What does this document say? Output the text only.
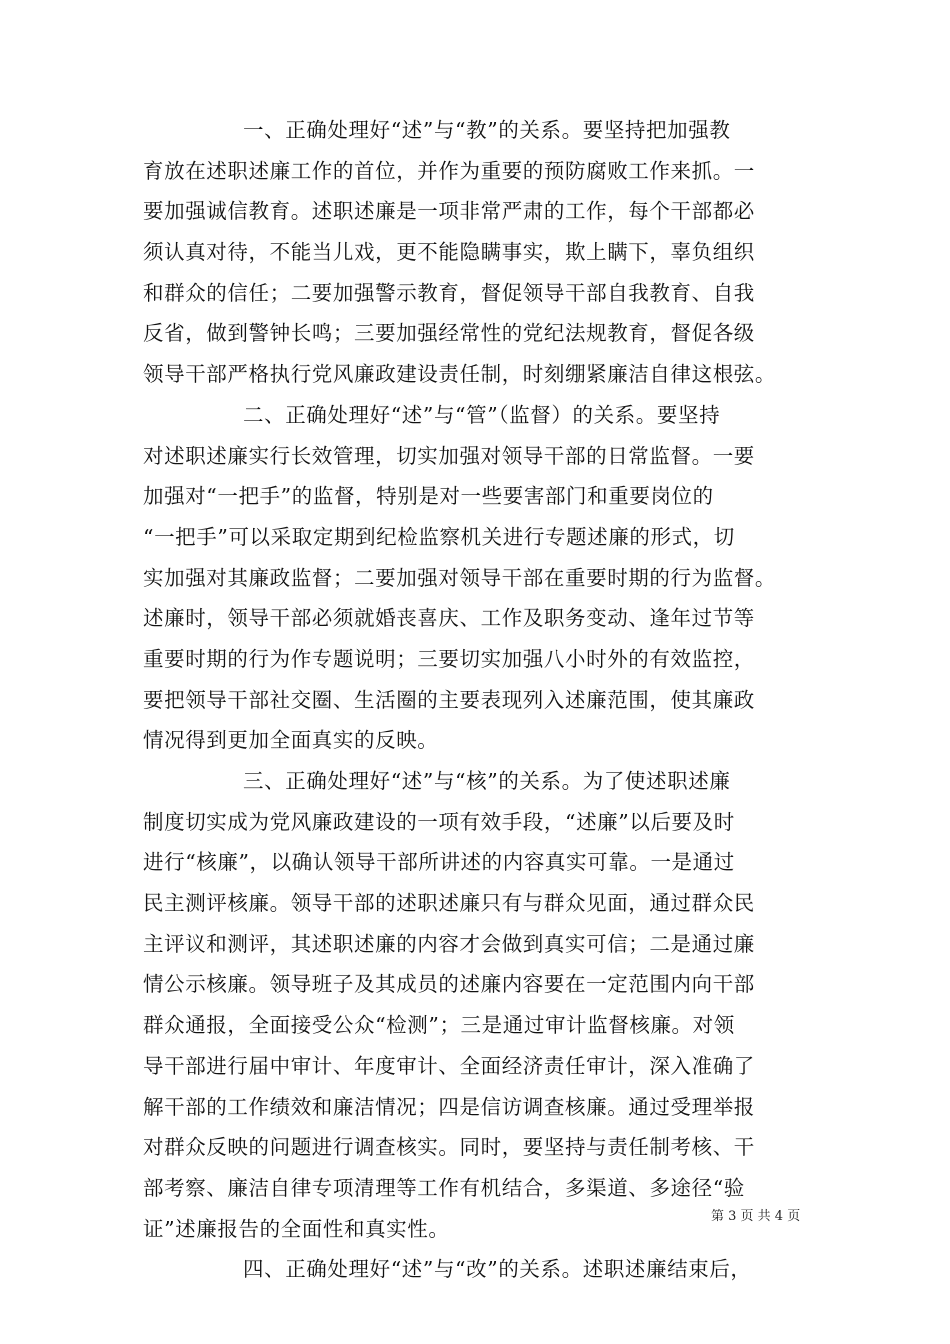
一、正确处理好“述”与“教”的关系。要坚持把加强教
育放在述职述廉工作的首位，并作为重要的预防腐败工作来抓。一
要加强诚信教育。述职述廉是一项非常严肃的工作，每个干部都必
须认真对待，不能当儿戏，更不能隐瞒事实，欺上瞒下，辜负组织
和群众的信任；二要加强警示教育，督促领导干部自我教育、自我
反省，做到警钟长鸣；三要加强经常性的党纪法规教育，督促各级
领导干部严格执行党风廉政建设责任制，时刻绷紧廉洁自律这根弦。
二、正确处理好“述”与“管”（监督）的关系。要坚持
对述职述廉实行长效管理，切实加强对领导干部的日常监督。一要
加强对“一把手”的监督，特别是对一些要害部门和重要岗位的
“一把手”可以采取定期到纪检监察机关进行专题述廉的形式，切
实加强对其廉政监督；二要加强对领导干部在重要时期的行为监督。
述廉时，领导干部必须就婚丧喜庆、工作及职务变动、逢年过节等
重要时期的行为作专题说明；三要切实加强八小时外的有效监控，
要把领导干部社交圈、生活圈的主要表现列入述廉范围，使其廉政
情况得到更加全面真实的反映。
三、正确处理好“述”与“核”的关系。为了使述职述廉
制度切实成为党风廉政建设的一项有效手段，“述廉”以后要及时
进行“核廉”，以确认领导干部所讲述的内容真实可靠。一是通过
民主测评核廉。领导干部的述职述廉只有与群众见面，通过群众民
主评议和测评，其述职述廉的内容才会做到真实可信；二是通过廉
情公示核廉。领导班子及其成员的述廉内容要在一定范围内向干部
群众通报，全面接受公众“检测”；三是通过审计监督核廉。对领
导干部进行届中审计、年度审计、全面经济责任审计，深入准确了
解干部的工作绩效和廉洁情况；四是信访调查核廉。通过受理举报
对群众反映的问题进行调查核实。同时，要坚持与责任制考核、干
部考察、廉洁自律专项清理等工作有机结合，多渠道、多途径“验
证”述廉报告的全面性和真实性。
四、正确处理好“述”与“改”的关系。述职述廉结束后，
第 3 页 共 4 页
